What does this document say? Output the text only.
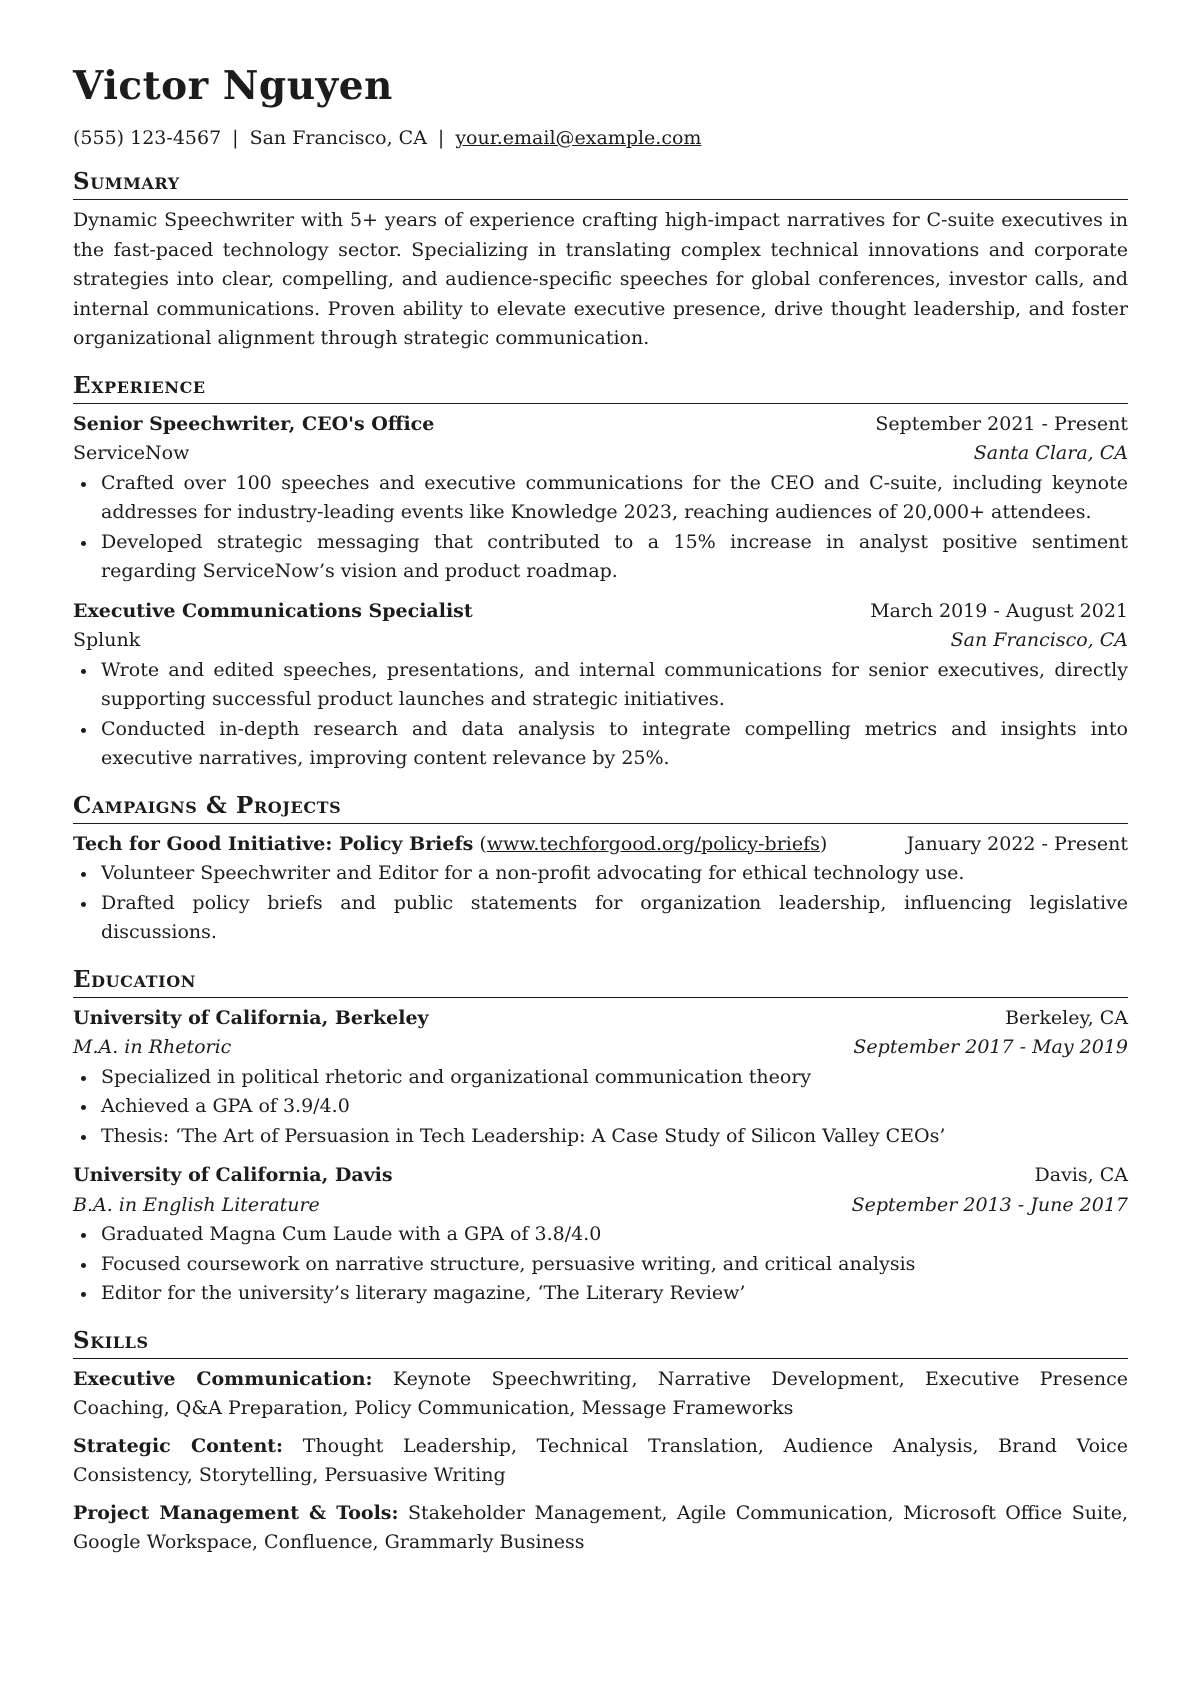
Victor Nguyen
(555) 123-4567 | San Francisco, CA | your.email@example.com
Summary
Dynamic Speechwriter with 5+ years of experience crafting high-impact narratives for C-suite executives in the fast-paced technology sector. Specializing in translating complex technical innovations and corporate strategies into clear, compelling, and audience-specific speeches for global conferences, investor calls, and internal communications. Proven ability to elevate executive presence, drive thought leadership, and foster organizational alignment through strategic communication.
Experience
Senior Speechwriter, CEO's Office	September 2021 - Present
ServiceNow	Santa Clara, CA
Crafted over 100 speeches and executive communications for the CEO and C-suite, including keynote addresses for industry-leading events like Knowledge 2023, reaching audiences of 20,000+ attendees.
Developed strategic messaging that contributed to a 15% increase in analyst positive sentiment regarding ServiceNow’s vision and product roadmap.
Executive Communications Specialist	March 2019 - August 2021
Splunk	San Francisco, CA
Wrote and edited speeches, presentations, and internal communications for senior executives, directly supporting successful product launches and strategic initiatives.
Conducted in-depth research and data analysis to integrate compelling metrics and insights into executive narratives, improving content relevance by 25%.
Campaigns & Projects
Tech for Good Initiative: Policy Briefs (www.techforgood.org/policy-briefs)	January 2022 - Present
Volunteer Speechwriter and Editor for a non-profit advocating for ethical technology use.
Drafted policy briefs and public statements for organization leadership, influencing legislative discussions.
Education
University of California, Berkeley	Berkeley, CA
M.A. in Rhetoric	September 2017 - May 2019
Specialized in political rhetoric and organizational communication theory
Achieved a GPA of 3.9/4.0
Thesis: ‘The Art of Persuasion in Tech Leadership: A Case Study of Silicon Valley CEOs’
University of California, Davis	Davis, CA
B.A. in English Literature	September 2013 - June 2017
Graduated Magna Cum Laude with a GPA of 3.8/4.0
Focused coursework on narrative structure, persuasive writing, and critical analysis
Editor for the university’s literary magazine, ‘The Literary Review’
Skills
Executive Communication: Keynote Speechwriting, Narrative Development, Executive Presence Coaching, Q&A Preparation, Policy Communication, Message Frameworks
Strategic Content: Thought Leadership, Technical Translation, Audience Analysis, Brand Voice Consistency, Storytelling, Persuasive Writing
Project Management & Tools: Stakeholder Management, Agile Communication, Microsoft Office Suite, Google Workspace, Confluence, Grammarly Business
